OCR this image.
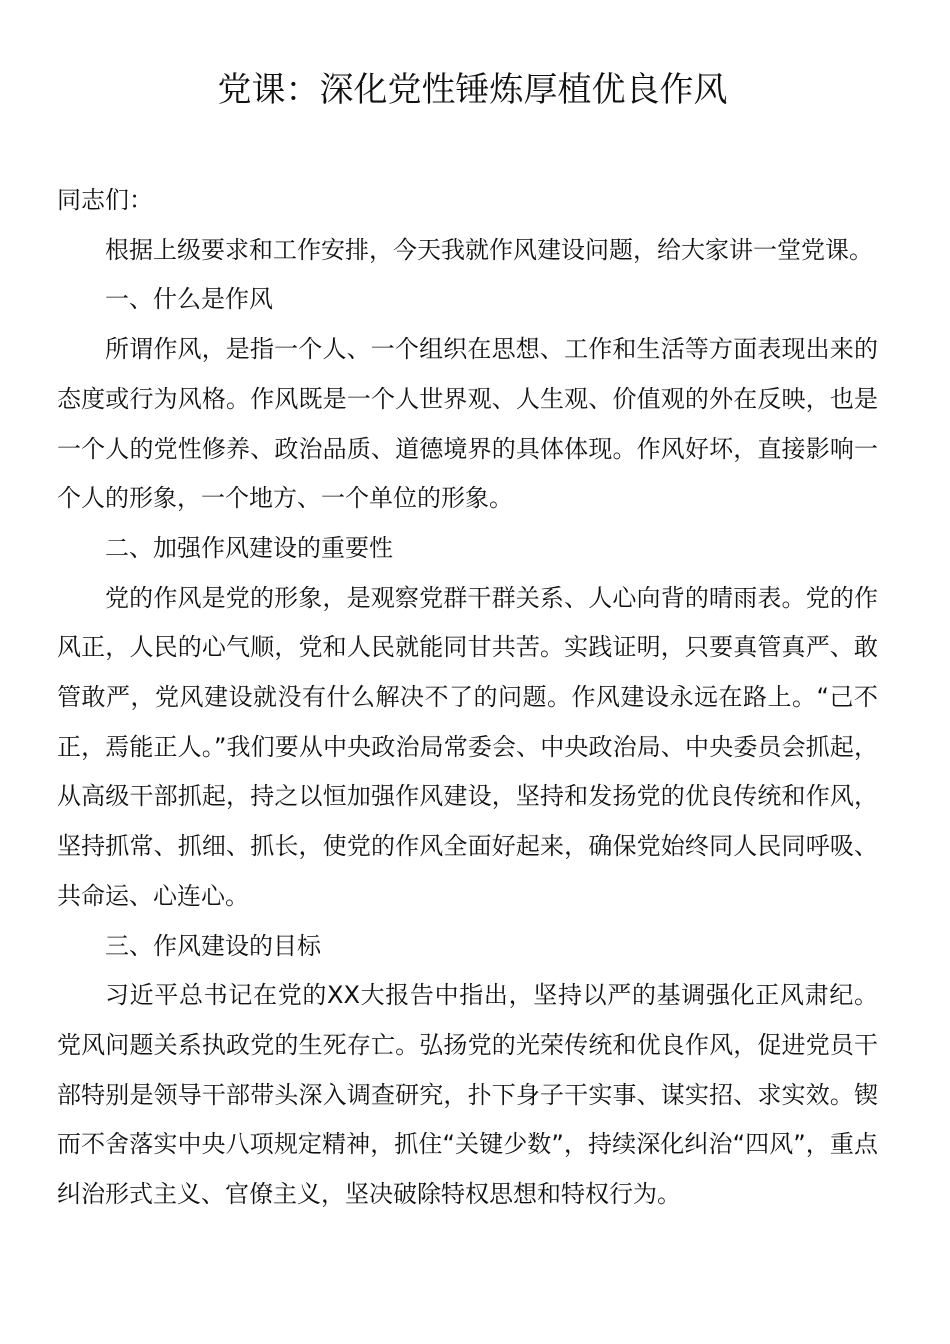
党课：深化党性锤炼厚植优良作风

同志们：

根据上级要求和工作安排，今天我就作风建设问题，给大家讲一堂党课。

一、什么是作风

所谓作风，是指一个人、一个组织在思想、工作和生活等方面表现出来的态度或行为风格。作风既是一个人世界观、人生观、价值观的外在反映，也是一个人的党性修养、政治品质、道德境界的具体体现。作风好坏，直接影响一个人的形象，一个地方、一个单位的形象。

二、加强作风建设的重要性

党的作风是党的形象，是观察党群干群关系、人心向背的晴雨表。党的作风正，人民的心气顺，党和人民就能同甘共苦。实践证明，只要真管真严、敢管敢严，党风建设就没有什么解决不了的问题。作风建设永远在路上。“己不正，焉能正人。”我们要从中央政治局常委会、中央政治局、中央委员会抓起，从高级干部抓起，持之以恒加强作风建设，坚持和发扬党的优良传统和作风，坚持抓常、抓细、抓长，使党的作风全面好起来，确保党始终同人民同呼吸、共命运、心连心。

三、作风建设的目标

习近平总书记在党的XX大报告中指出，坚持以严的基调强化正风肃纪。党风问题关系执政党的生死存亡。弘扬党的光荣传统和优良作风，促进党员干部特别是领导干部带头深入调查研究，扑下身子干实事、谋实招、求实效。锲而不舍落实中央八项规定精神，抓住“关键少数”，持续深化纠治“四风”，重点纠治形式主义、官僚主义，坚决破除特权思想和特权行为。
